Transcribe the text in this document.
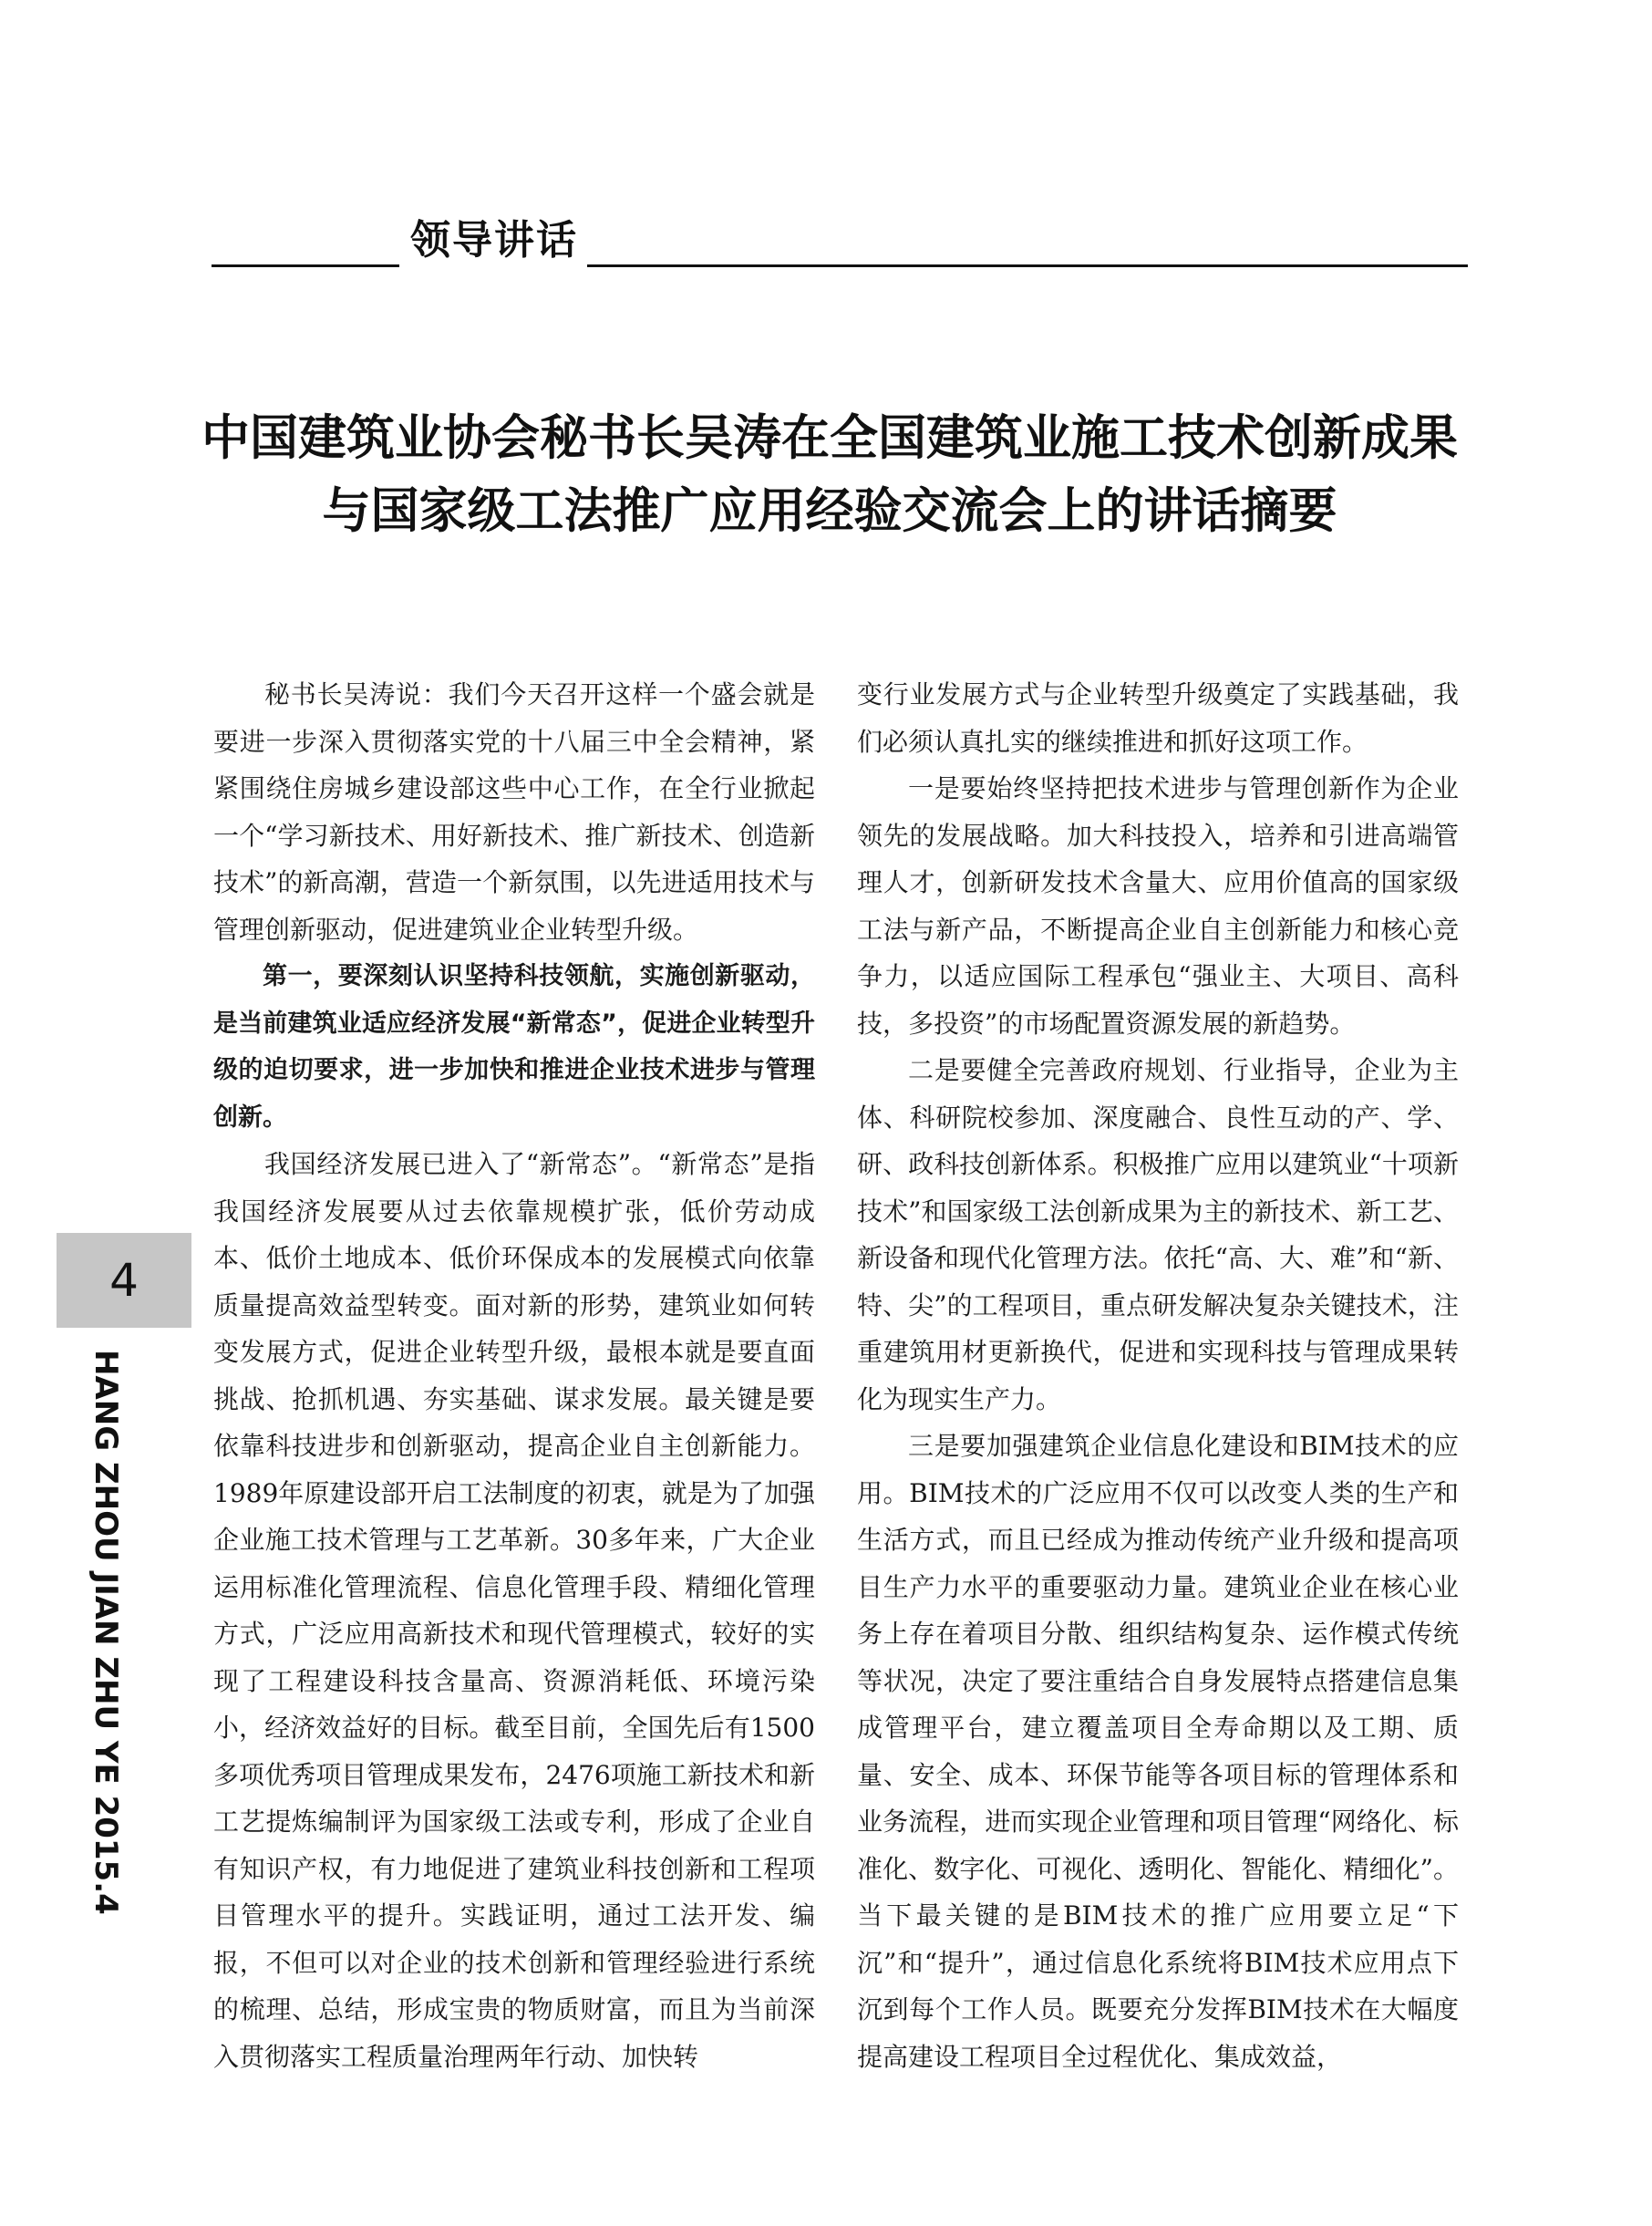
领导讲话
中国建筑业协会秘书长吴涛在全国建筑业施工技术创新成果
与国家级工法推广应用经验交流会上的讲话摘要

秘书长吴涛说：我们今天召开这样一个盛会就是要进一步深入贯彻落实党的十八届三中全会精神，紧紧围绕住房城乡建设部这些中心工作，在全行业掀起一个“学习新技术、用好新技术、推广新技术、创造新技术”的新高潮，营造一个新氛围，以先进适用技术与管理创新驱动，促进建筑业企业转型升级。

第一，要深刻认识坚持科技领航，实施创新驱动，是当前建筑业适应经济发展“新常态”，促进企业转型升级的迫切要求，进一步加快和推进企业技术进步与管理创新。

我国经济发展已进入了“新常态”。“新常态”是指我国经济发展要从过去依靠规模扩张，低价劳动成本、低价土地成本、低价环保成本的发展模式向依靠质量提高效益型转变。面对新的形势，建筑业如何转变发展方式，促进企业转型升级，最根本就是要直面挑战、抢抓机遇、夯实基础、谋求发展。最关键是要依靠科技进步和创新驱动，提高企业自主创新能力。1989年原建设部开启工法制度的初衷，就是为了加强企业施工技术管理与工艺革新。30多年来，广大企业运用标准化管理流程、信息化管理手段、精细化管理方式，广泛应用高新技术和现代管理模式，较好的实现了工程建设科技含量高、资源消耗低、环境污染小，经济效益好的目标。截至目前，全国先后有1500多项优秀项目管理成果发布，2476项施工新技术和新工艺提炼编制评为国家级工法或专利，形成了企业自有知识产权，有力地促进了建筑业科技创新和工程项目管理水平的提升。实践证明，通过工法开发、编报，不但可以对企业的技术创新和管理经验进行系统的梳理、总结，形成宝贵的物质财富，而且为当前深入贯彻落实工程质量治理两年行动、加快转

变行业发展方式与企业转型升级奠定了实践基础，我们必须认真扎实的继续推进和抓好这项工作。

一是要始终坚持把技术进步与管理创新作为企业领先的发展战略。加大科技投入，培养和引进高端管理人才，创新研发技术含量大、应用价值高的国家级工法与新产品，不断提高企业自主创新能力和核心竞争力，以适应国际工程承包“强业主、大项目、高科技，多投资”的市场配置资源发展的新趋势。

二是要健全完善政府规划、行业指导，企业为主体、科研院校参加、深度融合、良性互动的产、学、研、政科技创新体系。积极推广应用以建筑业“十项新技术”和国家级工法创新成果为主的新技术、新工艺、新设备和现代化管理方法。依托“高、大、难”和“新、特、尖”的工程项目，重点研发解决复杂关键技术，注重建筑用材更新换代，促进和实现科技与管理成果转化为现实生产力。

三是要加强建筑企业信息化建设和BIM技术的应用。BIM技术的广泛应用不仅可以改变人类的生产和生活方式，而且已经成为推动传统产业升级和提高项目生产力水平的重要驱动力量。建筑业企业在核心业务上存在着项目分散、组织结构复杂、运作模式传统等状况，决定了要注重结合自身发展特点搭建信息集成管理平台，建立覆盖项目全寿命期以及工期、质量、安全、成本、环保节能等各项目标的管理体系和业务流程，进而实现企业管理和项目管理“网络化、标准化、数字化、可视化、透明化、智能化、精细化”。当下最关键的是BIM技术的推广应用要立足“下沉”和“提升”，通过信息化系统将BIM技术应用点下沉到每个工作人员。既要充分发挥BIM技术在大幅度提高建设工程项目全过程优化、集成效益，

4
HANG ZHOU JIAN ZHU YE 2015.4
